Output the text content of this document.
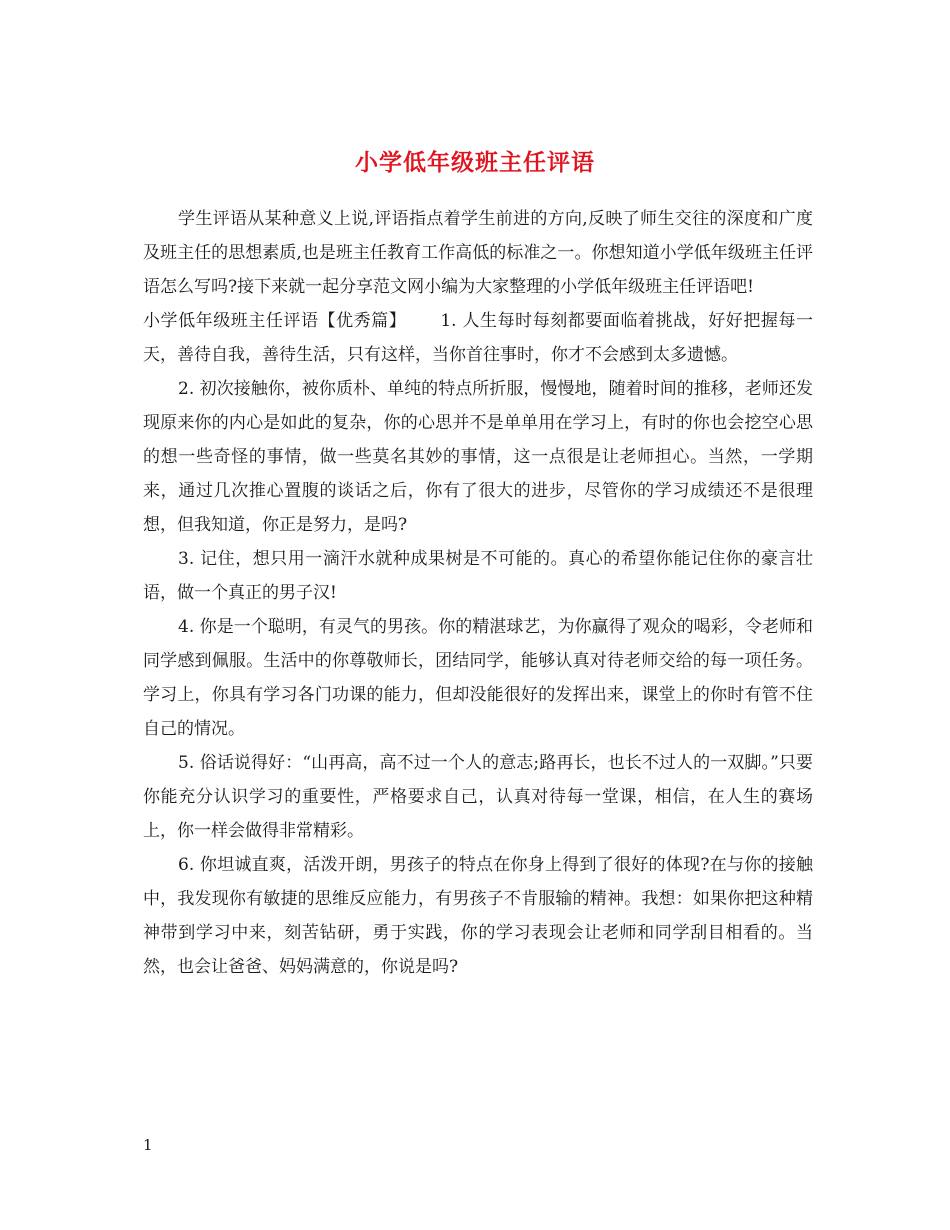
小学低年级班主任评语

学生评语从某种意义上说,评语指点着学生前进的方向,反映了师生交往的深度和广度及班主任的思想素质,也是班主任教育工作高低的标准之一。你想知道小学低年级班主任评语怎么写吗?接下来就一起分享范文网小编为大家整理的小学低年级班主任评语吧!

小学低年级班主任评语【优秀篇】 1. 人生每时每刻都要面临着挑战，好好把握每一天，善待自我，善待生活，只有这样，当你首往事时，你才不会感到太多遗憾。

2. 初次接触你，被你质朴、单纯的特点所折服，慢慢地，随着时间的推移，老师还发现原来你的内心是如此的复杂，你的心思并不是单单用在学习上，有时的你也会挖空心思的想一些奇怪的事情，做一些莫名其妙的事情，这一点很是让老师担心。当然，一学期来，通过几次推心置腹的谈话之后，你有了很大的进步，尽管你的学习成绩还不是很理想，但我知道，你正是努力，是吗?

3. 记住，想只用一滴汗水就种成果树是不可能的。真心的希望你能记住你的豪言壮语，做一个真正的男子汉!

4. 你是一个聪明，有灵气的男孩。你的精湛球艺，为你赢得了观众的喝彩，令老师和同学感到佩服。生活中的你尊敬师长，团结同学，能够认真对待老师交给的每一项任务。学习上，你具有学习各门功课的能力，但却没能很好的发挥出来，课堂上的你时有管不住自己的情况。

5. 俗话说得好：“山再高，高不过一个人的意志;路再长，也长不过人的一双脚。”只要你能充分认识学习的重要性，严格要求自己，认真对待每一堂课，相信，在人生的赛场上，你一样会做得非常精彩。

6. 你坦诚直爽，活泼开朗，男孩子的特点在你身上得到了很好的体现?在与你的接触中，我发现你有敏捷的思维反应能力，有男孩子不肯服输的精神。我想：如果你把这种精神带到学习中来，刻苦钻研，勇于实践，你的学习表现会让老师和同学刮目相看的。当然，也会让爸爸、妈妈满意的，你说是吗?

1
